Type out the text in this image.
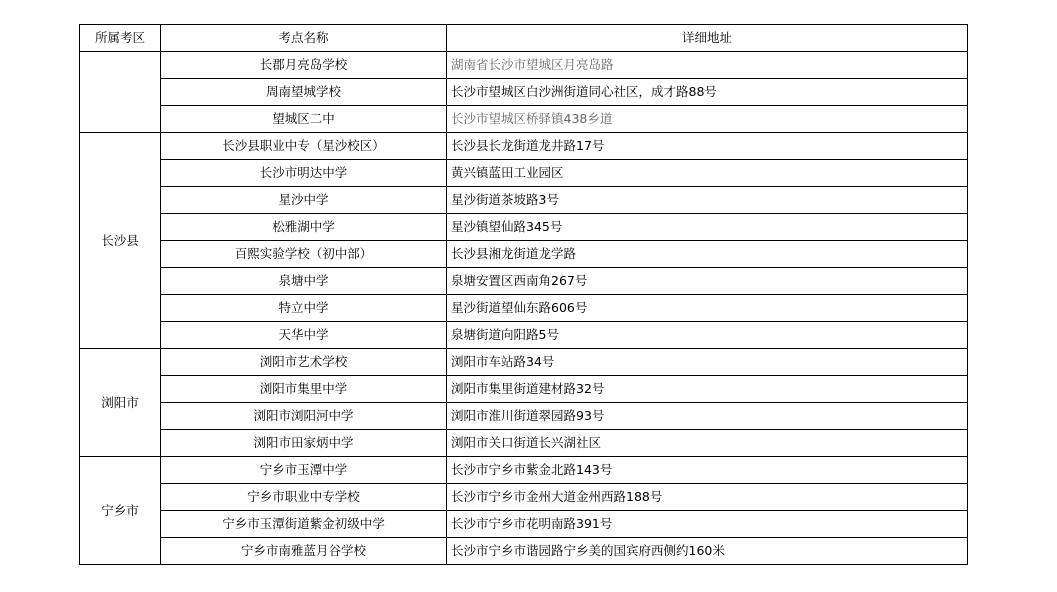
所属考区	考点名称	详细地址
	长郡月亮岛学校	湖南省长沙市望城区月亮岛路
	周南望城学校	长沙市望城区白沙洲街道同心社区，成才路88号
	望城区二中	长沙市望城区桥驿镇438乡道
长沙县	长沙县职业中专（星沙校区）	长沙县长龙街道龙井路17号
	长沙市明达中学	黄兴镇蓝田工业园区
	星沙中学	星沙街道茶坡路3号
	松雅湖中学	星沙镇望仙路345号
	百熙实验学校（初中部）	长沙县湘龙街道龙学路
	泉塘中学	泉塘安置区西南角267号
	特立中学	星沙街道望仙东路606号
	天华中学	泉塘街道向阳路5号
浏阳市	浏阳市艺术学校	浏阳市车站路34号
	浏阳市集里中学	浏阳市集里街道建材路32号
	浏阳市浏阳河中学	浏阳市淮川街道翠园路93号
	浏阳市田家炳中学	浏阳市关口街道长兴湖社区
宁乡市	宁乡市玉潭中学	长沙市宁乡市紫金北路143号
	宁乡市职业中专学校	长沙市宁乡市金州大道金州西路188号
	宁乡市玉潭街道紫金初级中学	长沙市宁乡市花明南路391号
	宁乡市南雅蓝月谷学校	长沙市宁乡市谐园路宁乡美的国宾府西侧约160米
